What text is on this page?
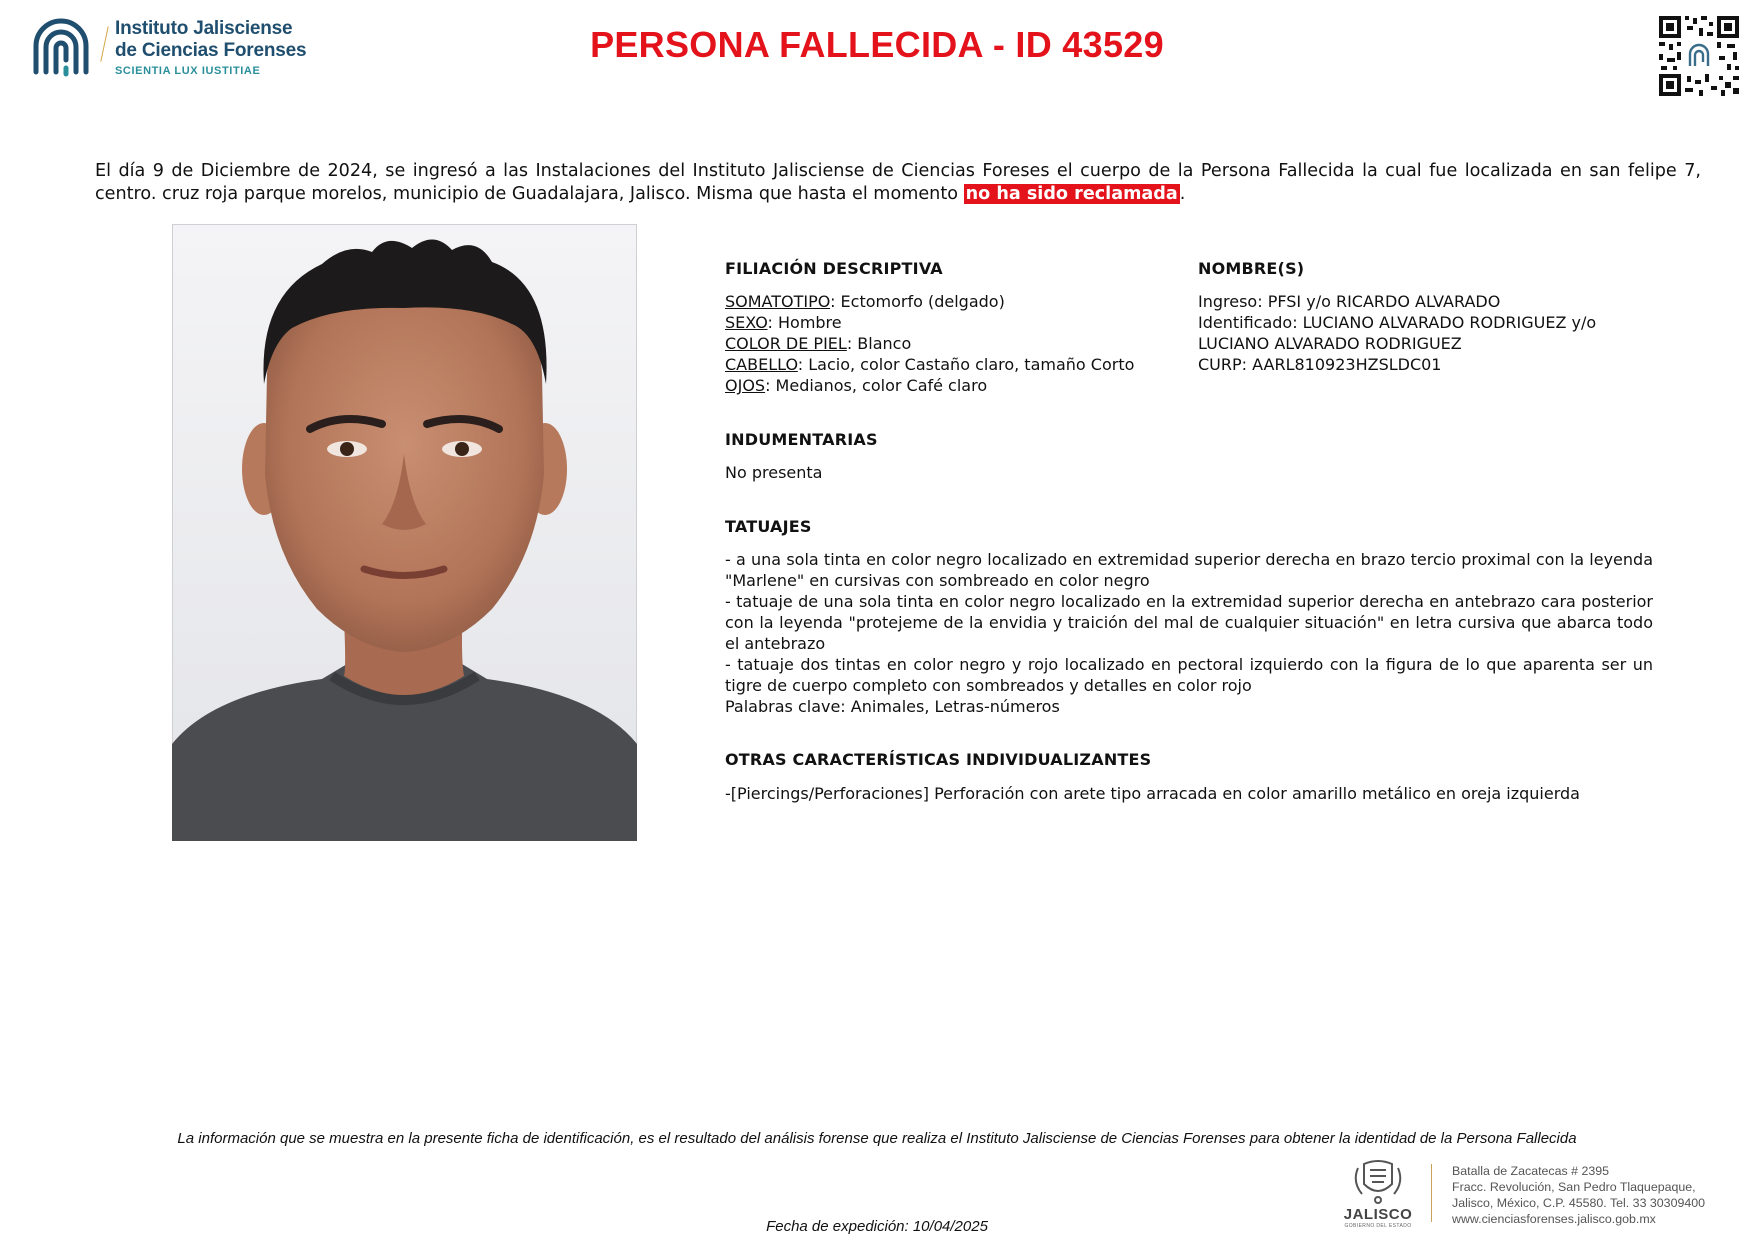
Instituto Jalisciense
de Ciencias Forenses
SCIENTIA LUX IUSTITIAE
PERSONA FALLECIDA - ID 43529
El día 9 de Diciembre de 2024, se ingresó a las Instalaciones del Instituto Jalisciense de Ciencias Foreses el cuerpo de la Persona Fallecida la cual fue localizada en san felipe 7, centro. cruz roja parque morelos, municipio de Guadalajara, Jalisco. Misma que hasta el momento no ha sido reclamada .
FILIACIÓN DESCRIPTIVA
SOMATOTIPO: Ectomorfo (delgado)
SEXO: Hombre
COLOR DE PIEL: Blanco
CABELLO: Lacio, color Castaño claro, tamaño Corto
OJOS: Medianos, color Café claro
NOMBRE(S)
Ingreso: PFSI y/o RICARDO ALVARADO
Identificado: LUCIANO ALVARADO RODRIGUEZ y/o
LUCIANO ALVARADO RODRIGUEZ
CURP: AARL810923HZSLDC01
INDUMENTARIAS
No presenta
TATUAJES
- a una sola tinta en color negro localizado en extremidad superior derecha en brazo tercio proximal con la leyenda "Marlene" en cursivas con sombreado en color negro
- tatuaje de una sola tinta en color negro localizado en la extremidad superior derecha en antebrazo cara posterior con la leyenda "protejeme de la envidia y traición del mal de cualquier situación" en letra cursiva que abarca todo el antebrazo
- tatuaje dos tintas en color negro y rojo localizado en pectoral izquierdo con la figura de lo que aparenta ser un tigre de cuerpo completo con sombreados y detalles en color rojo
Palabras clave: Animales, Letras-números
OTRAS CARACTERÍSTICAS INDIVIDUALIZANTES
-[Piercings/Perforaciones] Perforación con arete tipo arracada en color amarillo metálico en oreja izquierda
La información que se muestra en la presente ficha de identificación, es el resultado del análisis forense que realiza el Instituto Jalisciense de Ciencias Forenses para obtener la identidad de la Persona Fallecida
Fecha de expedición: 10/04/2025
JALISCO
GOBIERNO DEL ESTADO
Batalla de Zacatecas # 2395
Fracc. Revolución, San Pedro Tlaquepaque,
Jalisco, México, C.P. 45580. Tel. 33 30309400
www.cienciasforenses.jalisco.gob.mx
